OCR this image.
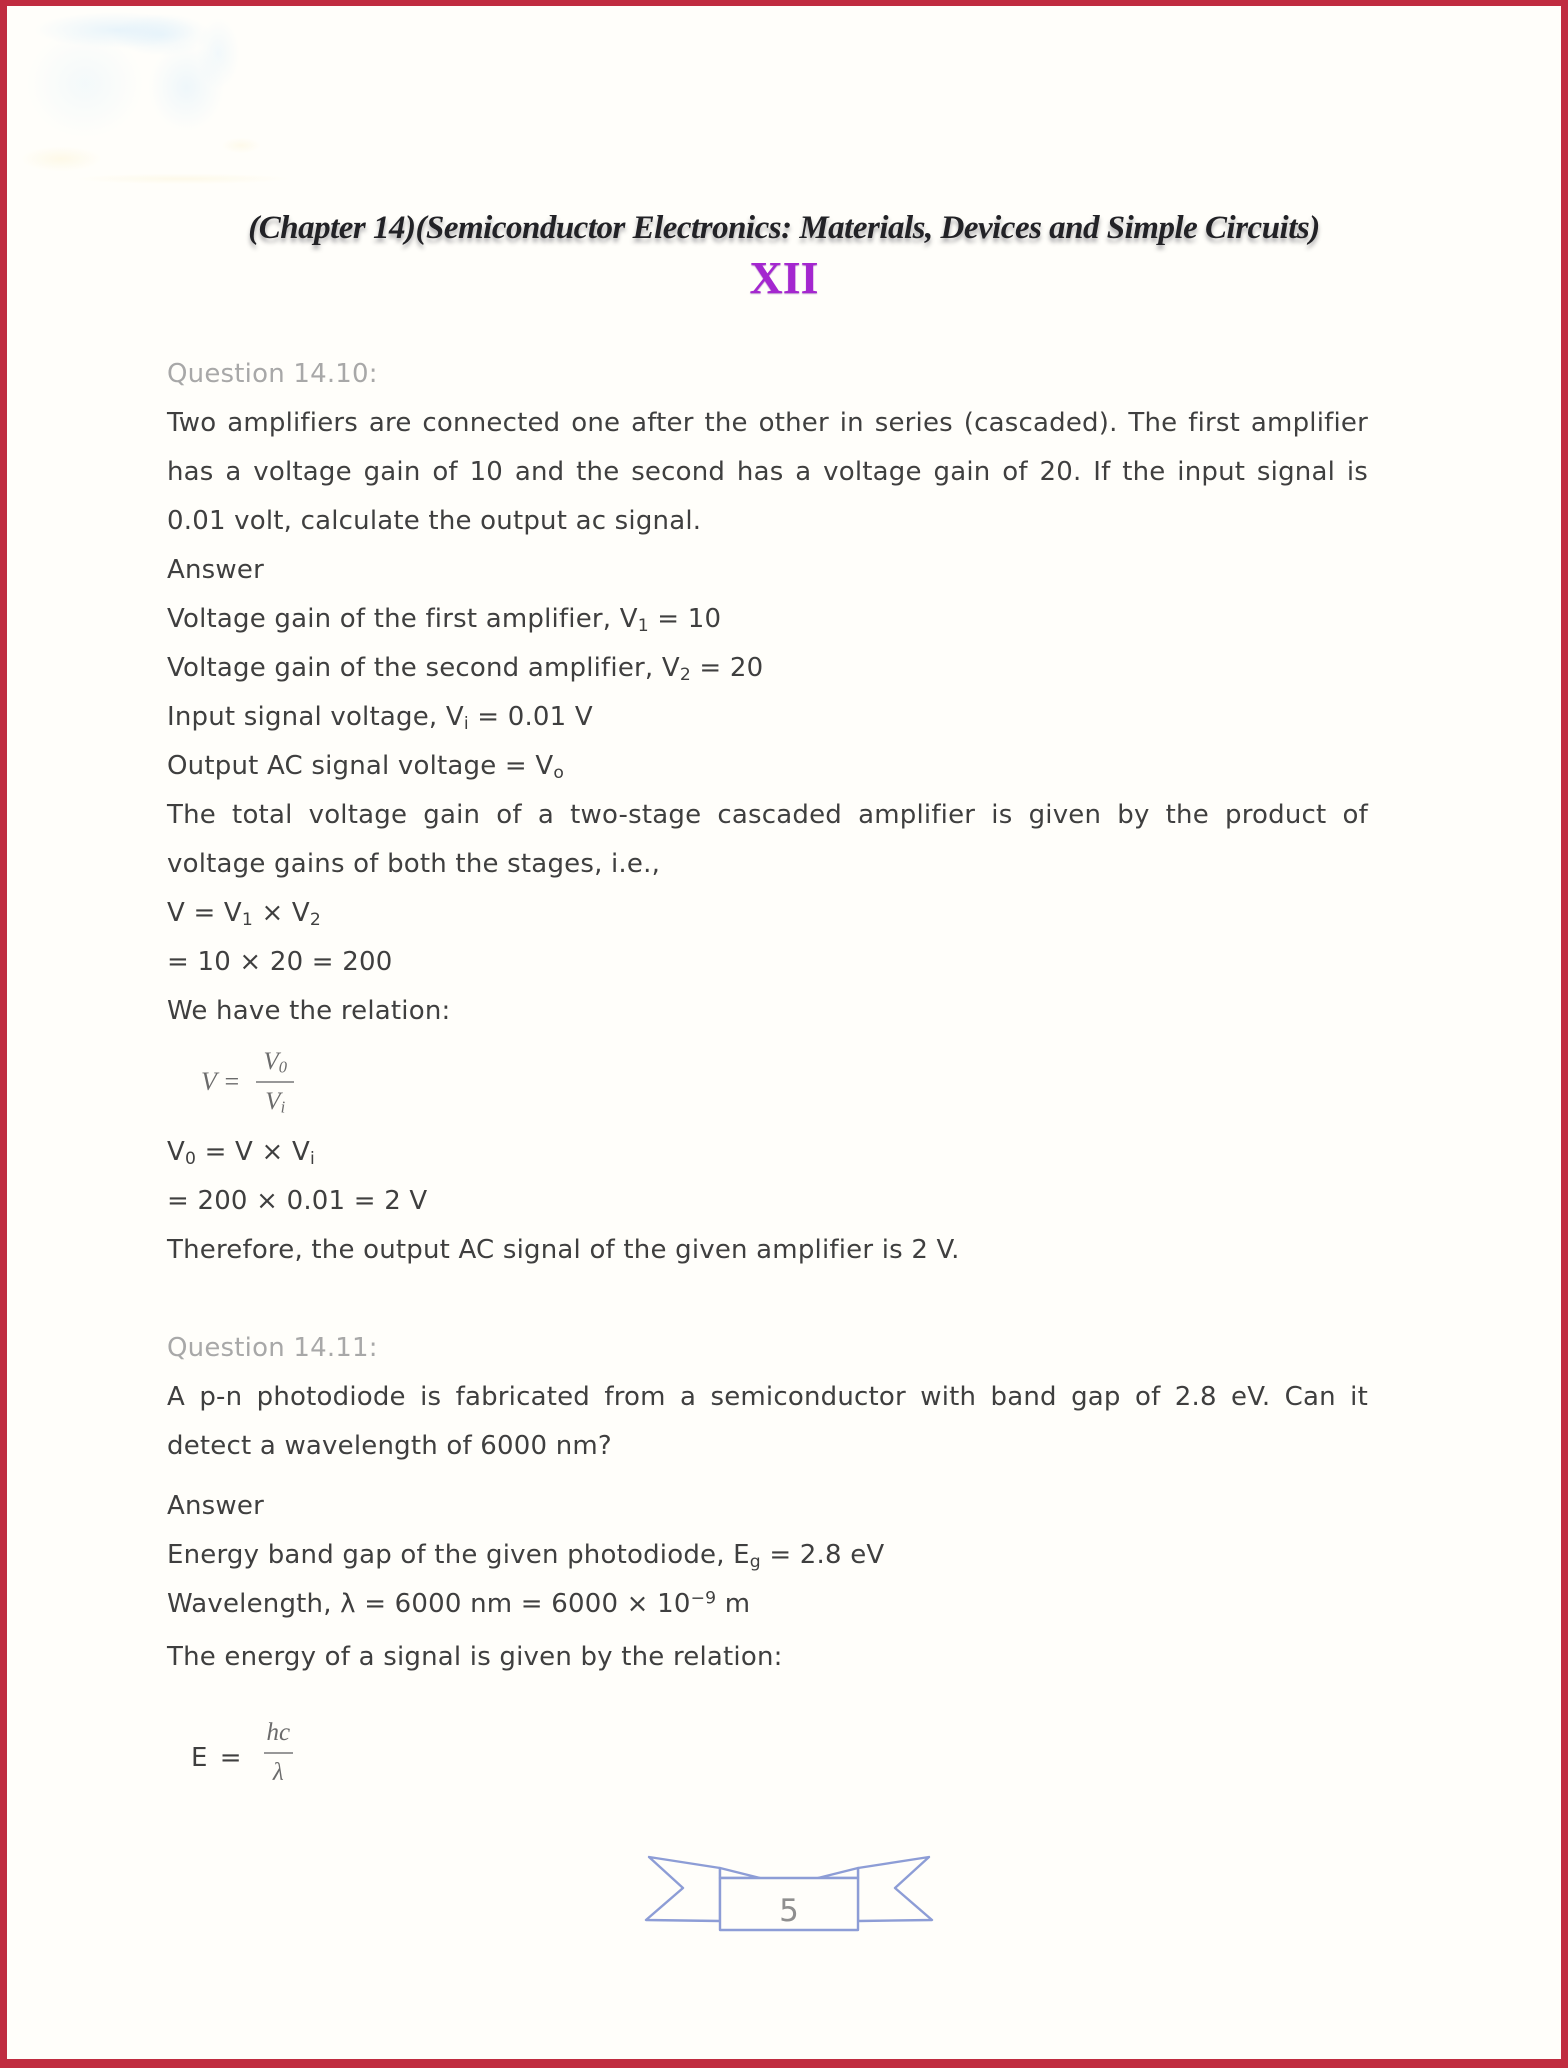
(Chapter 14)(Semiconductor Electronics: Materials, Devices and Simple Circuits)
XII
Question 14.10:
Two amplifiers are connected one after the other in series (cascaded). The first amplifier
has a voltage gain of 10 and the second has a voltage gain of 20. If the input signal is
0.01 volt, calculate the output ac signal.
Answer
Voltage gain of the first amplifier, $V_1 = 10$
Voltage gain of the second amplifier, $V_2 = 20$
Input signal voltage, $V_i = 0.01$ V
Output AC signal voltage = $V_o$
The total voltage gain of a two-stage cascaded amplifier is given by the product of
voltage gains of both the stages, i.e.,
$V = V_1 \times V_2$
= 10 × 20 = 200
We have the relation:
$V = \frac{V_0}{V_i}$
$V_0 = V \times V_i$
= 200 × 0.01 = 2 V
Therefore, the output AC signal of the given amplifier is 2 V.
Question 14.11:
A p-n photodiode is fabricated from a semiconductor with band gap of 2.8 eV. Can it
detect a wavelength of 6000 nm?
Answer
Energy band gap of the given photodiode, $E_g = 2.8$ eV
Wavelength, λ = 6000 nm = $6000 \times 10^{-9}$ m
The energy of a signal is given by the relation:
$E = \frac{hc}{\lambda}$
5
